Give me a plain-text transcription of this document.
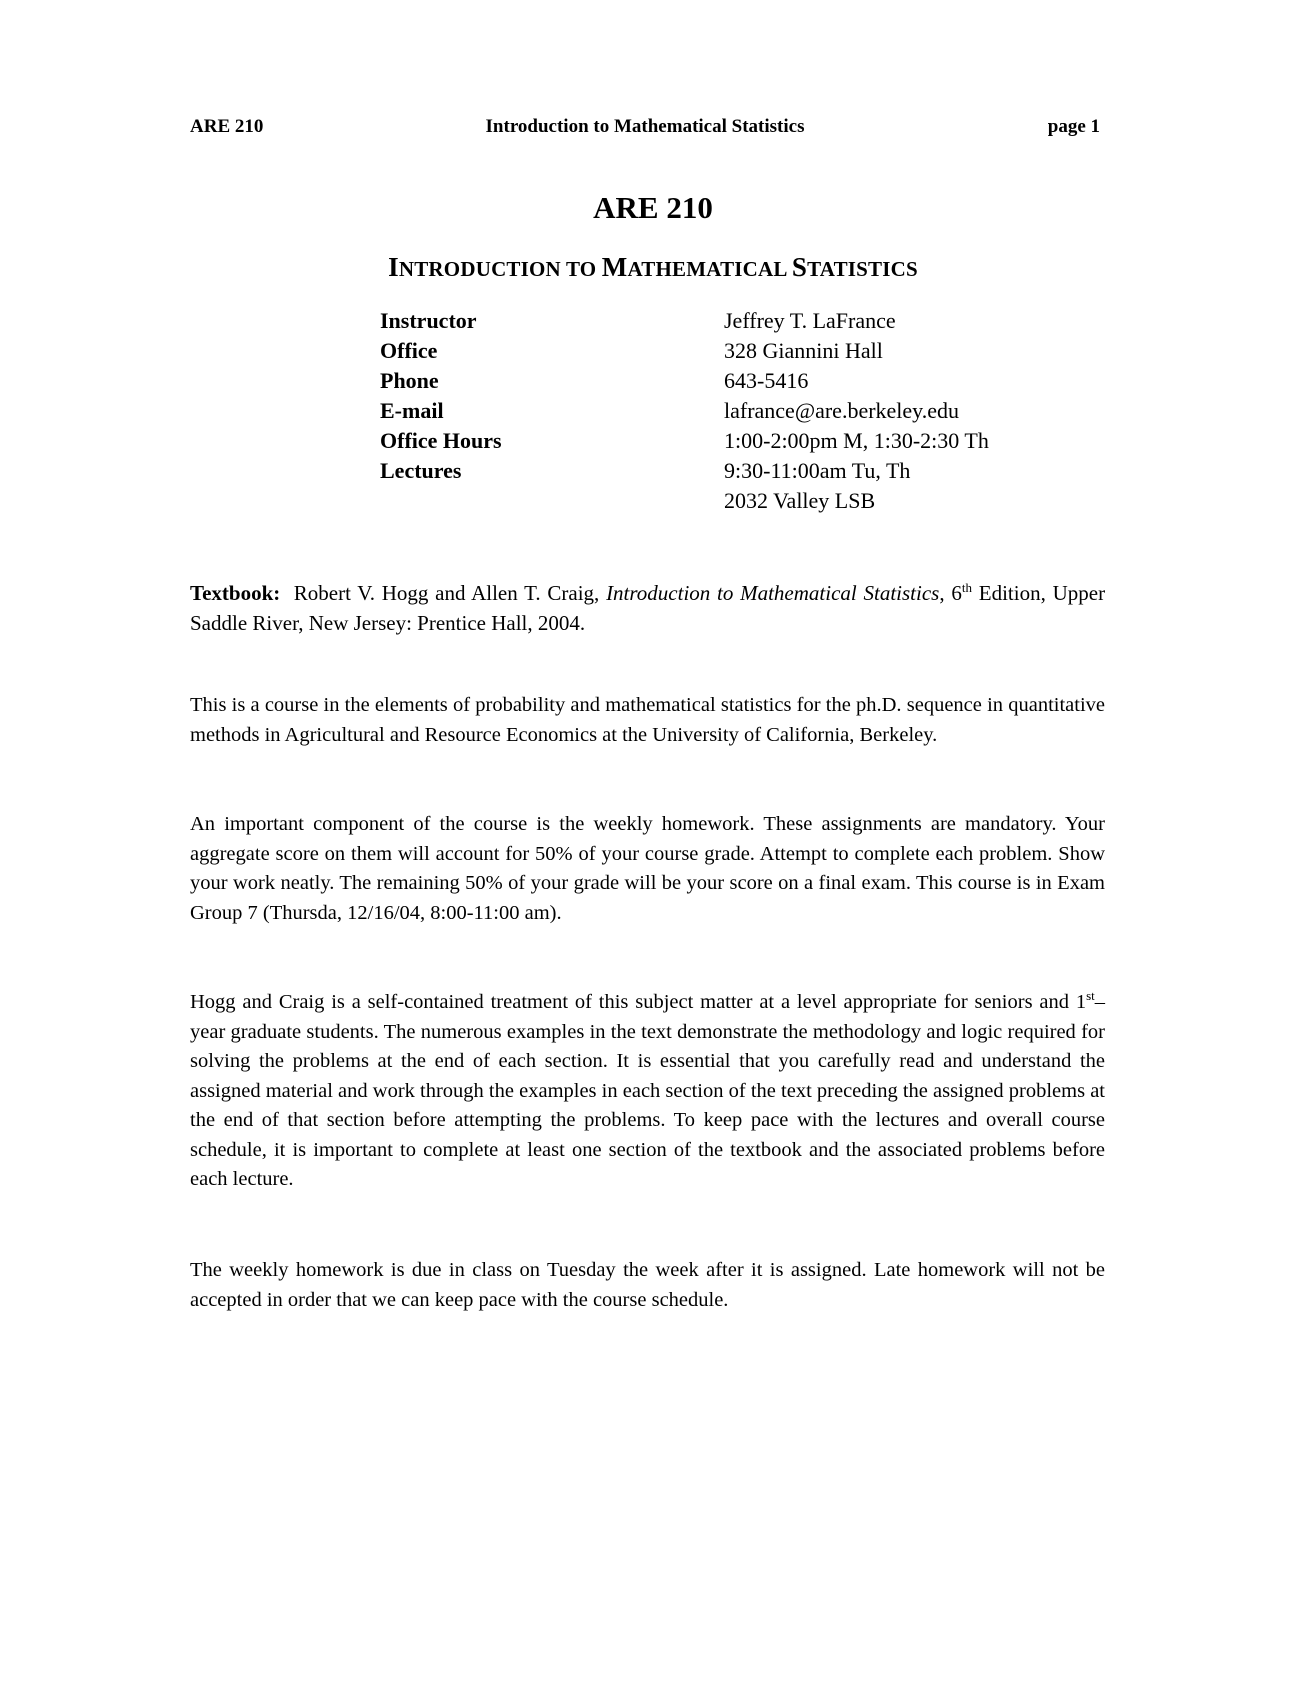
ARE 210	Introduction to Mathematical Statistics	page 1
ARE 210
INTRODUCTION TO MATHEMATICAL STATISTICS
Instructor	Jeffrey T. LaFrance
Office	328 Giannini Hall
Phone	643-5416
E-mail	lafrance@are.berkeley.edu
Office Hours	1:00-2:00pm M, 1:30-2:30 Th
Lectures	9:30-11:00am Tu, Th
2032 Valley LSB
Textbook: Robert V. Hogg and Allen T. Craig, Introduction to Mathematical Statistics, 6th Edition, Upper Saddle River, New Jersey: Prentice Hall, 2004.

This is a course in the elements of probability and mathematical statistics for the ph.D. sequence in quantitative methods in Agricultural and Resource Economics at the University of California, Berkeley.

An important component of the course is the weekly homework. These assignments are mandatory. Your aggregate score on them will account for 50% of your course grade. Attempt to complete each problem. Show your work neatly. The remaining 50% of your grade will be your score on a final exam. This course is in Exam Group 7 (Thursda, 12/16/04, 8:00-11:00 am).

Hogg and Craig is a self-contained treatment of this subject matter at a level appropriate for seniors and 1st–year graduate students. The numerous examples in the text demonstrate the methodology and logic required for solving the problems at the end of each section. It is essential that you carefully read and understand the assigned material and work through the examples in each section of the text preceding the assigned problems at the end of that section before attempting the problems. To keep pace with the lectures and overall course schedule, it is important to complete at least one section of the textbook and the associated problems before each lecture.

The weekly homework is due in class on Tuesday the week after it is assigned. Late homework will not be accepted in order that we can keep pace with the course schedule.
